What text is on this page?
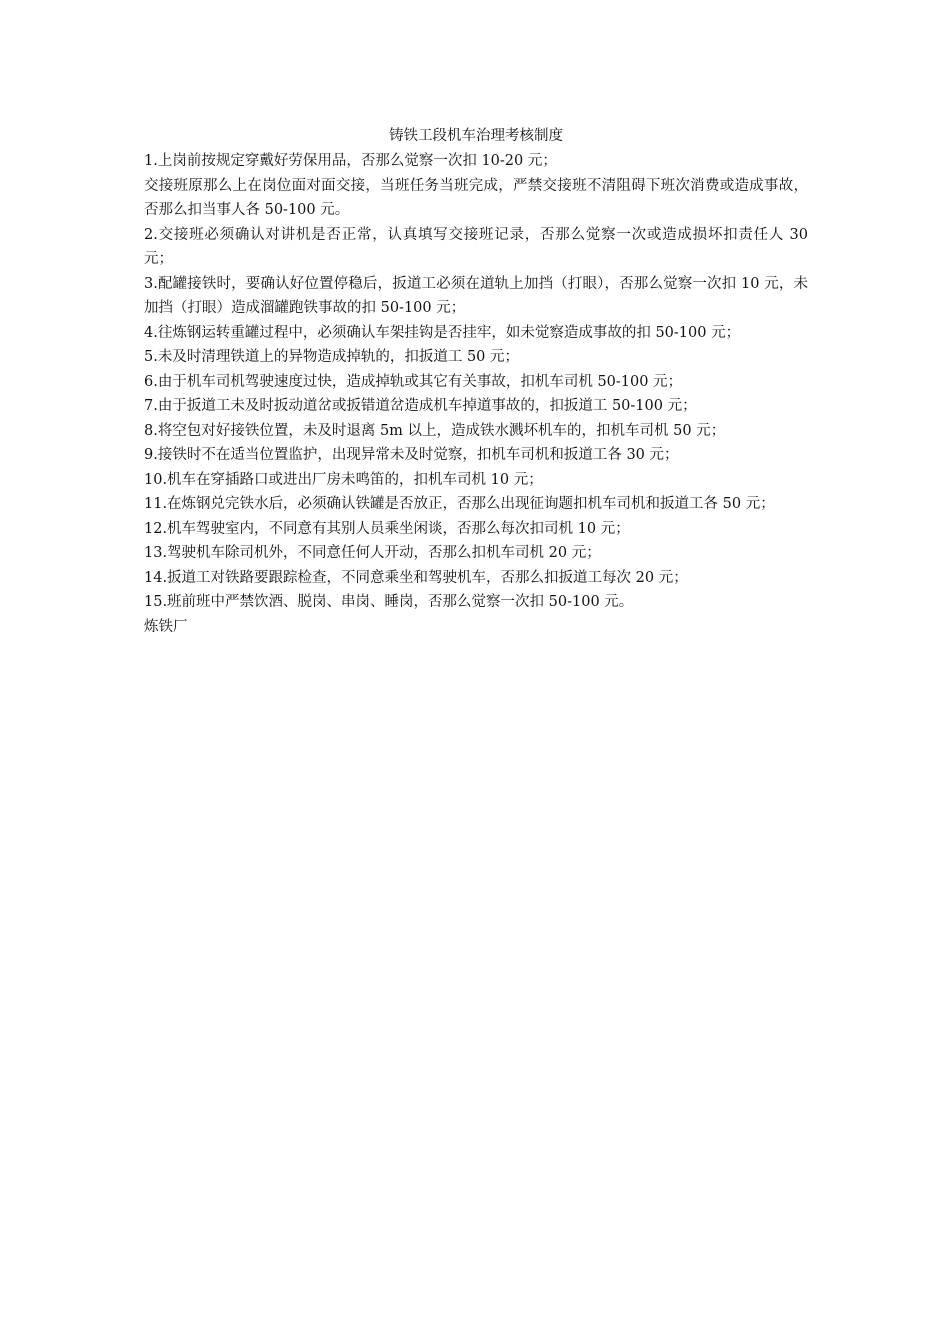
铸铁工段机车治理考核制度

1.上岗前按规定穿戴好劳保用品，否那么觉察一次扣 10-20 元；

交接班原那么上在岗位面对面交接，当班任务当班完成，严禁交接班不清阻碍下班次消费或造成事故，否那么扣当事人各 50-100 元。

2.交接班必须确认对讲机是否正常，认真填写交接班记录，否那么觉察一次或造成损坏扣责任人 30 元；

3.配罐接铁时，要确认好位置停稳后，扳道工必须在道轨上加挡（打眼），否那么觉察一次扣 10 元，未加挡（打眼）造成溜罐跑铁事故的扣 50-100 元；

4.往炼钢运转重罐过程中，必须确认车架挂钩是否挂牢，如未觉察造成事故的扣 50-100 元；

5.未及时清理铁道上的异物造成掉轨的，扣扳道工 50 元；

6.由于机车司机驾驶速度过快，造成掉轨或其它有关事故，扣机车司机 50-100 元；

7.由于扳道工未及时扳动道岔或扳错道岔造成机车掉道事故的，扣扳道工 50-100 元；

8.将空包对好接铁位置，未及时退离 5m 以上，造成铁水溅坏机车的，扣机车司机 50 元；

9.接铁时不在适当位置监护，出现异常未及时觉察，扣机车司机和扳道工各 30 元；

10.机车在穿插路口或进出厂房未鸣笛的，扣机车司机 10 元；

11.在炼钢兑完铁水后，必须确认铁罐是否放正，否那么出现征询题扣机车司机和扳道工各 50 元；

12.机车驾驶室内，不同意有其别人员乘坐闲谈，否那么每次扣司机 10 元；

13.驾驶机车除司机外，不同意任何人开动，否那么扣机车司机 20 元；

14.扳道工对铁路要跟踪检查，不同意乘坐和驾驶机车，否那么扣扳道工每次 20 元；

15.班前班中严禁饮酒、脱岗、串岗、睡岗，否那么觉察一次扣 50-100 元。

炼铁厂
